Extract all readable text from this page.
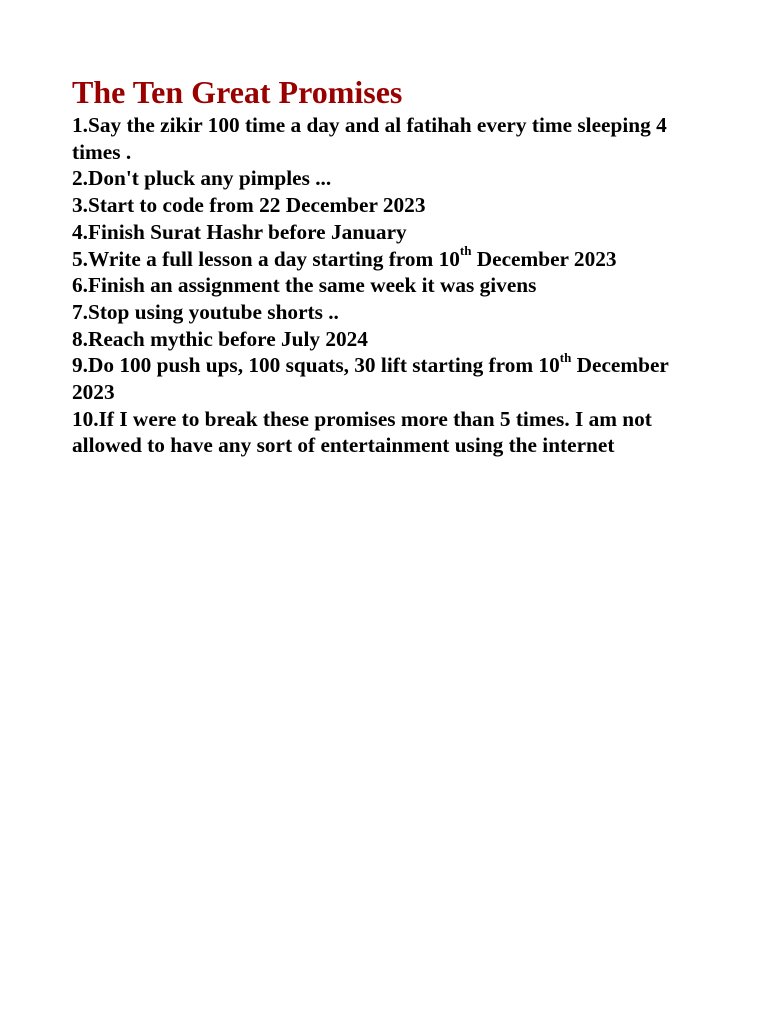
The Ten Great Promises
1.Say the zikir 100 time a day and al fatihah every time sleeping 4 times .
2.Don't pluck any pimples ...
3.Start to code from 22 December 2023
4.Finish Surat Hashr before January
5.Write a full lesson a day starting from 10th December 2023
6.Finish an assignment the same week it was givens
7.Stop using youtube shorts ..
8.Reach mythic before July 2024
9.Do 100 push ups, 100 squats, 30 lift starting from 10th December 2023
10.If I were to break these promises more than 5 times. I am not allowed to have any sort of entertainment using the internet
